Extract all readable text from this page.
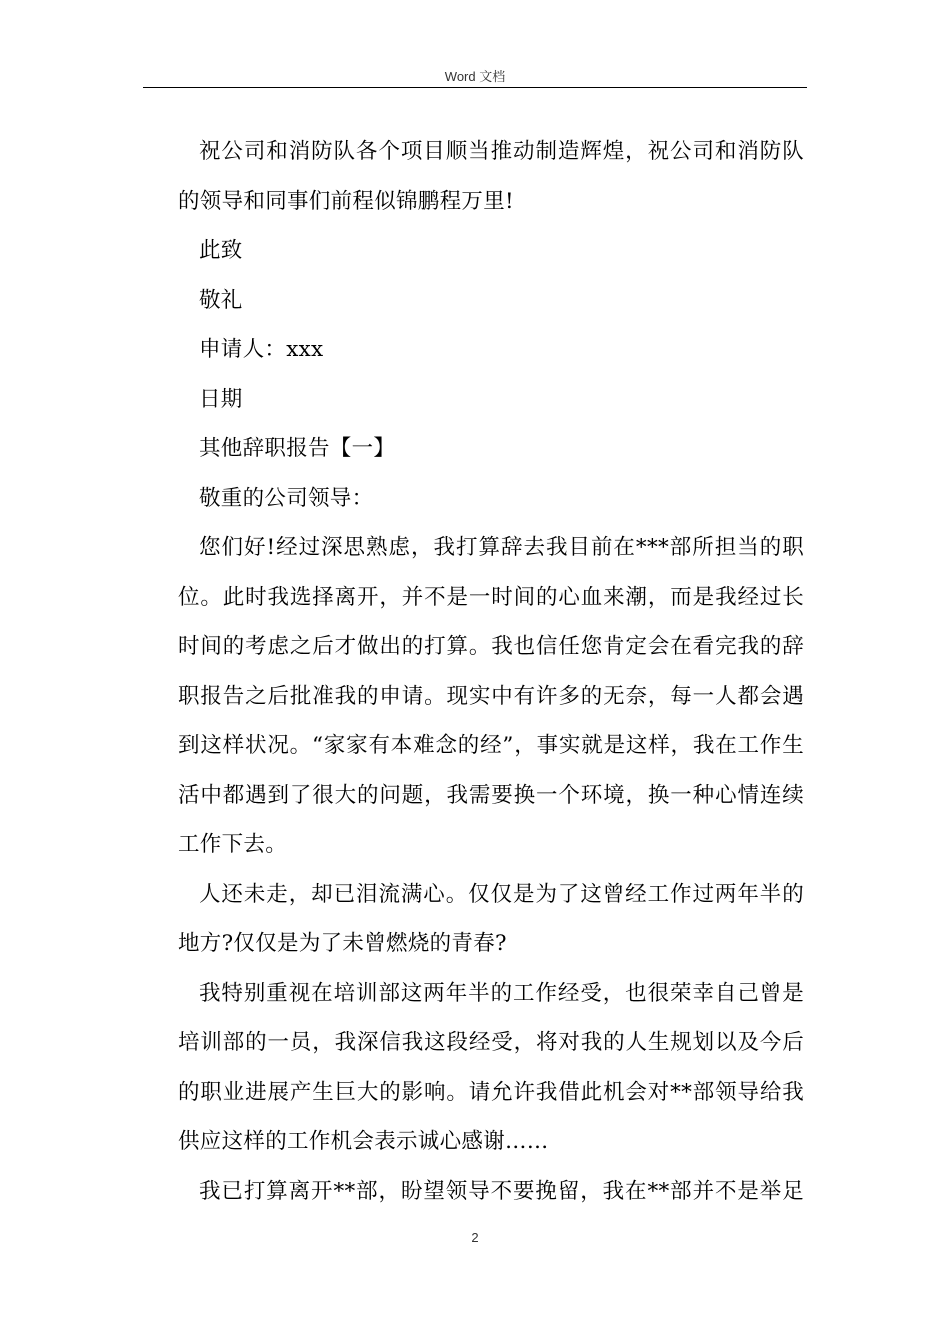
Word 文档

祝公司和消防队各个项目顺当推动制造辉煌，祝公司和消防队的领导和同事们前程似锦鹏程万里!

此致

敬礼

申请人：xxx

日期

其他辞职报告【一】

敬重的公司领导：

您们好!经过深思熟虑，我打算辞去我目前在***部所担当的职位。此时我选择离开，并不是一时间的心血来潮，而是我经过长时间的考虑之后才做出的打算。我也信任您肯定会在看完我的辞职报告之后批准我的申请。现实中有许多的无奈，每一人都会遇到这样状况。“家家有本难念的经”，事实就是这样，我在工作生活中都遇到了很大的问题，我需要换一个环境，换一种心情连续工作下去。

人还未走，却已泪流满心。仅仅是为了这曾经工作过两年半的地方?仅仅是为了未曾燃烧的青春?

我特别重视在培训部这两年半的工作经受，也很荣幸自己曾是培训部的一员，我深信我这段经受，将对我的人生规划以及今后的职业进展产生巨大的影响。请允许我借此机会对**部领导给我供应这样的工作机会表示诚心感谢……

我已打算离开**部，盼望领导不要挽留，我在**部并不是举足

2
